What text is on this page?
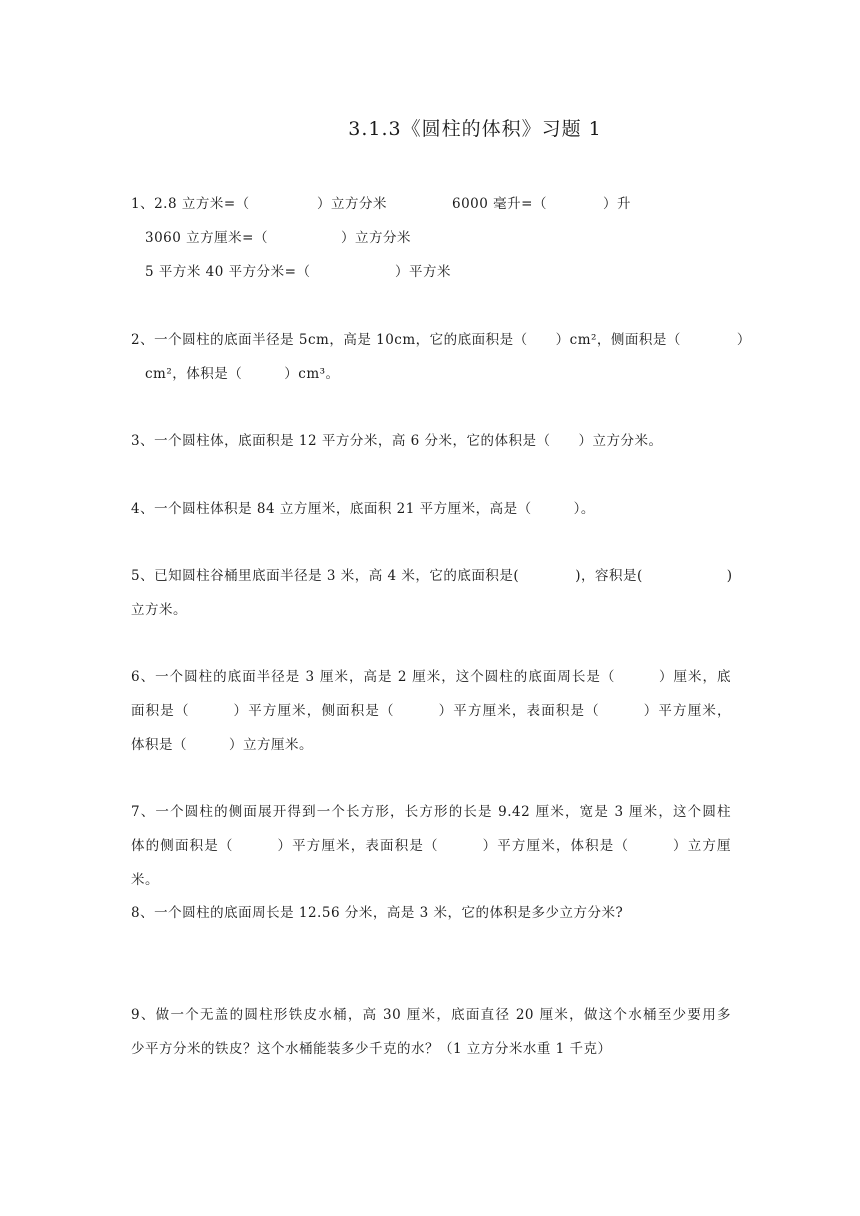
3.1.3《圆柱的体积》习题 1
1、2.8 立方米=（	）立方分米	6000 毫升=（	）升
3060 立方厘米=（	）立方分米
5 平方米 40 平方分米=（	）平方米
2、一个圆柱的底面半径是 5cm，高是 10cm，它的底面积是（　　）cm²，侧面积是（　　　　）
cm²，体积是（　　　）cm³。
3、一个圆柱体，底面积是 12 平方分米，高 6 分米，它的体积是（　　）立方分米。
4、一个圆柱体积是 84 立方厘米，底面积 21 平方厘米，高是（　　　）。
5、已知圆柱谷桶里底面半径是 3 米，高 4 米，它的底面积是(　　　　)，容积是(　　　　　　)
立方米。
6、一个圆柱的底面半径是 3 厘米，高是 2 厘米，这个圆柱的底面周长是（　　　）厘米，底
面积是（　　　）平方厘米，侧面积是（　　　）平方厘米，表面积是（　　　）平方厘米，
体积是（　　　）立方厘米。
7、一个圆柱的侧面展开得到一个长方形，长方形的长是 9.42 厘米，宽是 3 厘米，这个圆柱
体的侧面积是（　　　）平方厘米，表面积是（　　　）平方厘米，体积是（　　　）立方厘
米。
8、一个圆柱的底面周长是 12.56 分米，高是 3 米，它的体积是多少立方分米?
9、做一个无盖的圆柱形铁皮水桶，高 30 厘米，底面直径 20 厘米，做这个水桶至少要用多
少平方分米的铁皮？这个水桶能装多少千克的水？（1 立方分米水重 1 千克）
